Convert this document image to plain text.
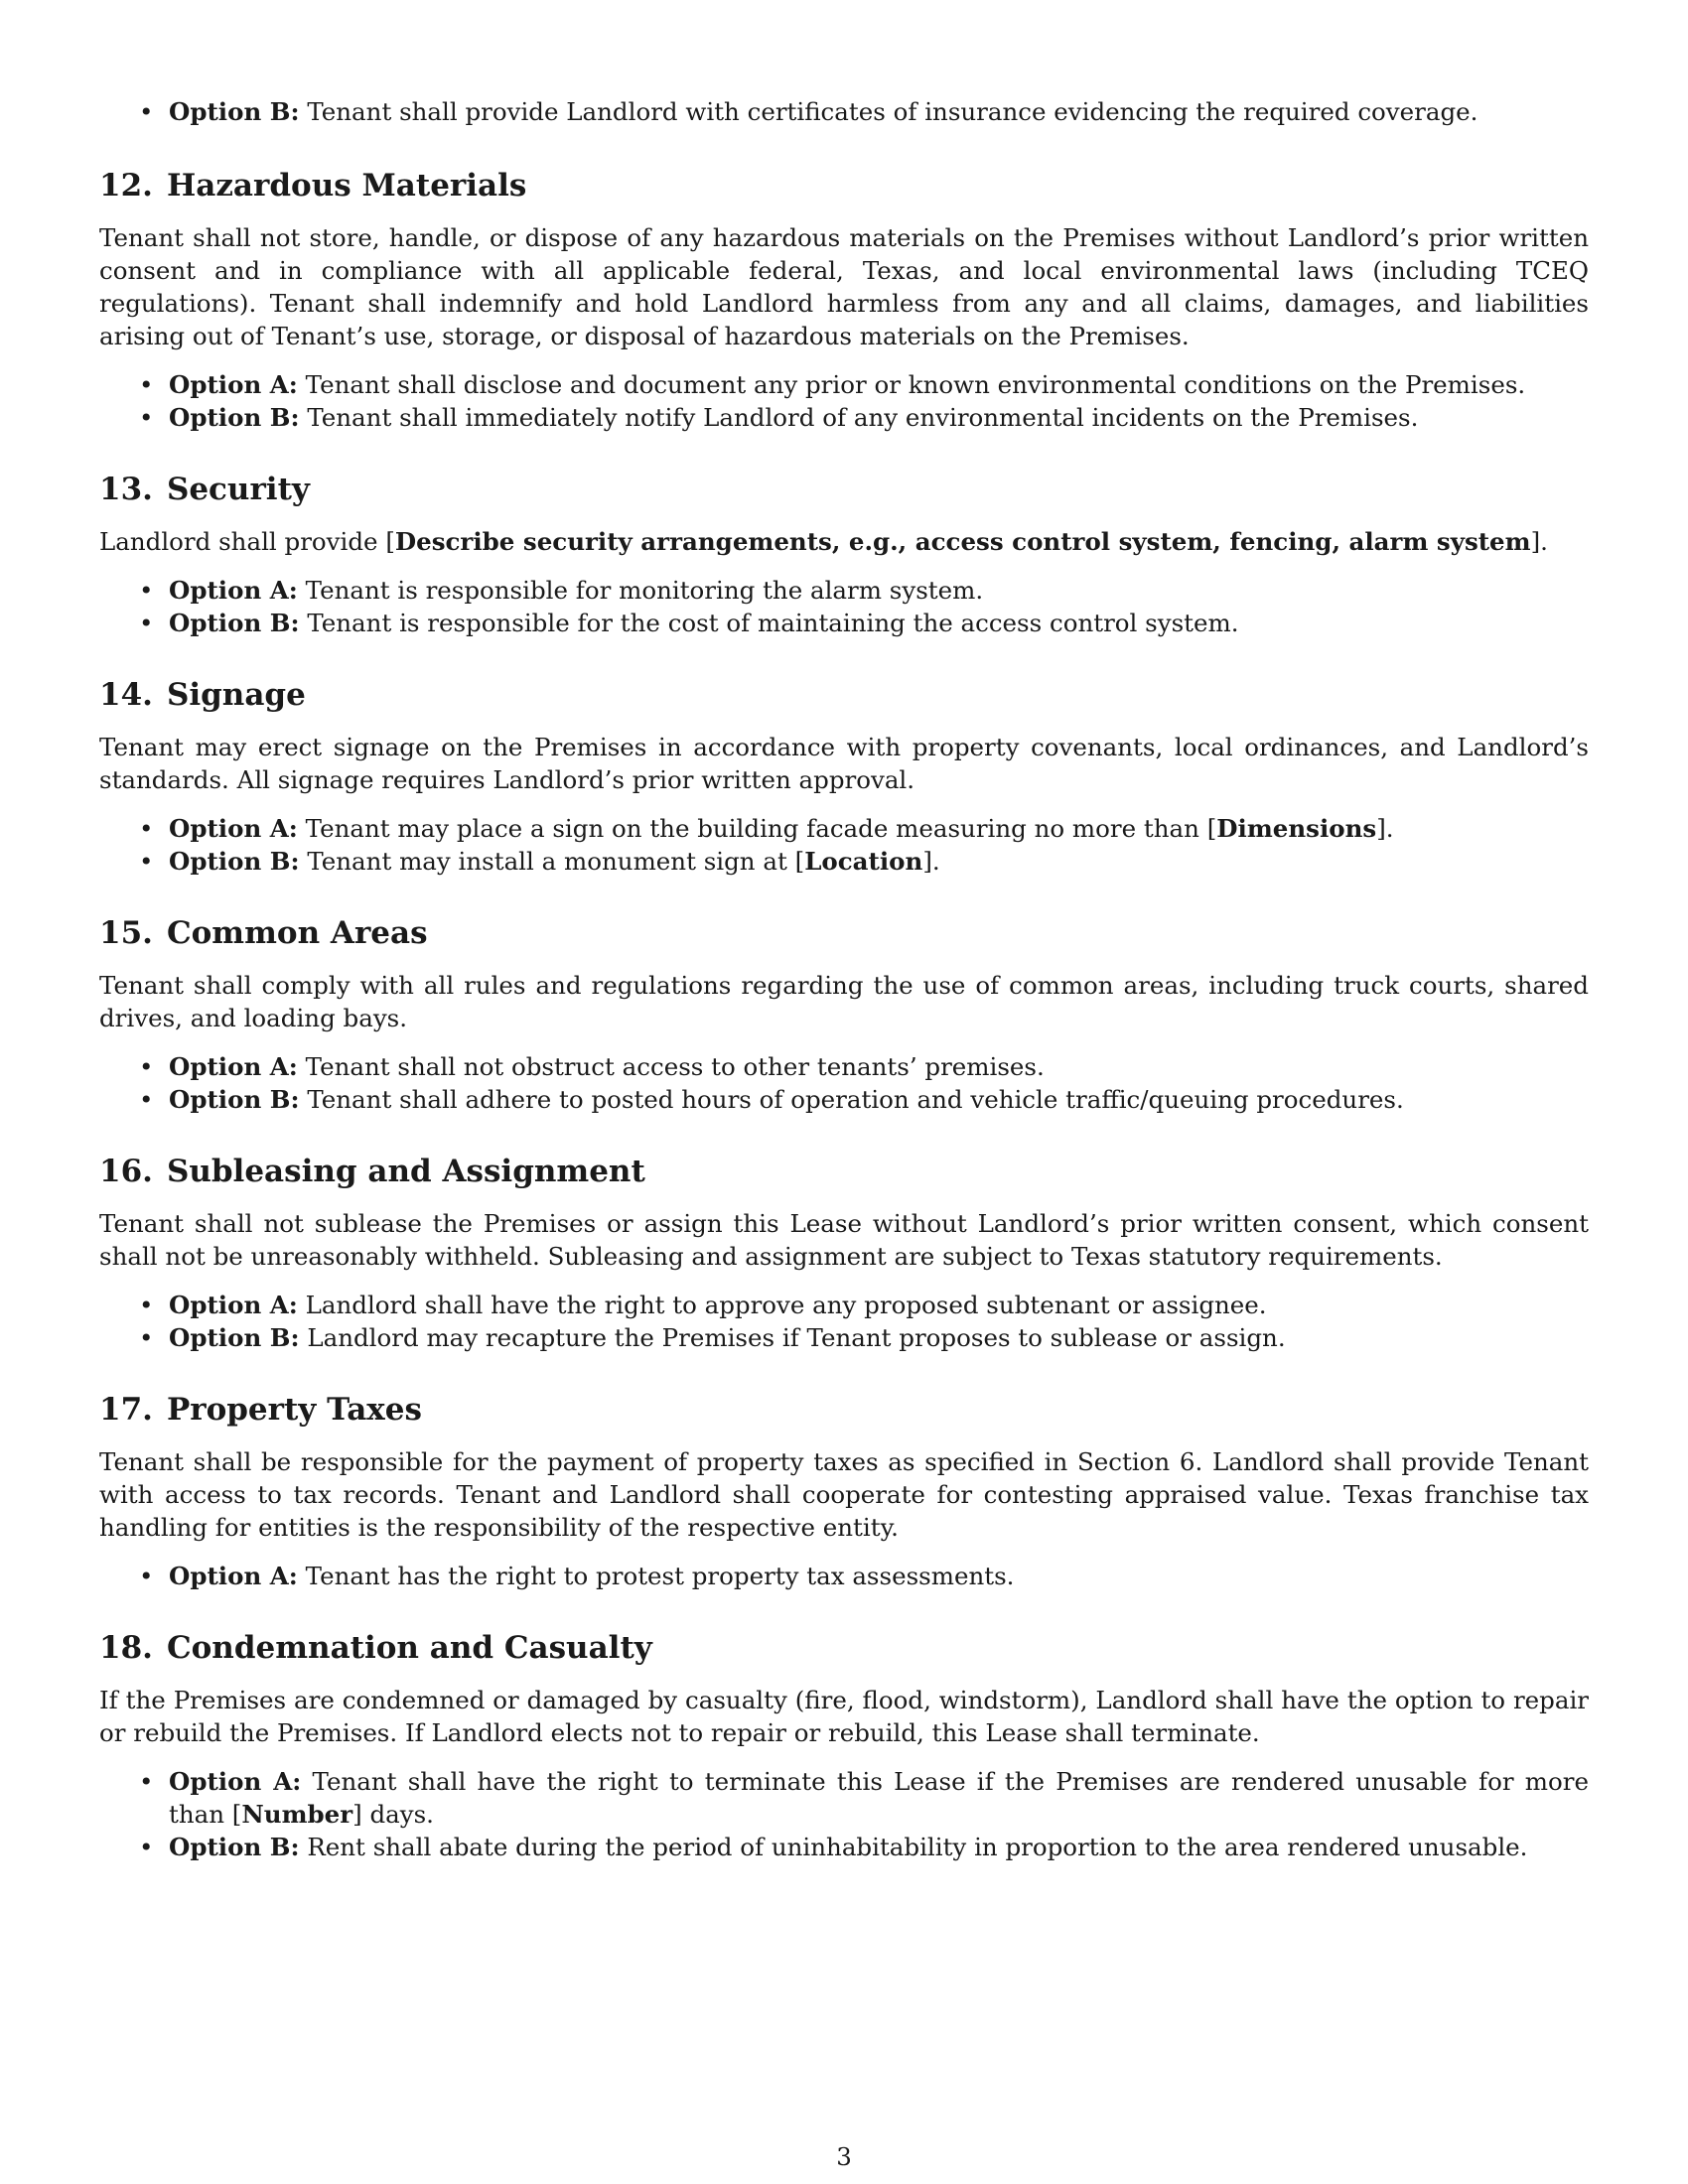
• Option B: Tenant shall provide Landlord with certificates of insurance evidencing the required coverage.
12. Hazardous Materials

Tenant shall not store, handle, or dispose of any hazardous materials on the Premises without Landlord’s prior written consent and in compliance with all applicable federal, Texas, and local environmental laws (including TCEQ regulations). Tenant shall indemnify and hold Landlord harmless from any and all claims, damages, and liabilities arising out of Tenant’s use, storage, or disposal of hazardous materials on the Premises.

• Option A: Tenant shall disclose and document any prior or known environmental conditions on the Premises.
• Option B: Tenant shall immediately notify Landlord of any environmental incidents on the Premises.
13. Security

Landlord shall provide [Describe security arrangements, e.g., access control system, fencing, alarm system].

• Option A: Tenant is responsible for monitoring the alarm system.
• Option B: Tenant is responsible for the cost of maintaining the access control system.
14. Signage

Tenant may erect signage on the Premises in accordance with property covenants, local ordinances, and Landlord’s standards. All signage requires Landlord’s prior written approval.

• Option A: Tenant may place a sign on the building facade measuring no more than [Dimensions].
• Option B: Tenant may install a monument sign at [Location].
15. Common Areas

Tenant shall comply with all rules and regulations regarding the use of common areas, including truck courts, shared drives, and loading bays.

• Option A: Tenant shall not obstruct access to other tenants’ premises.
• Option B: Tenant shall adhere to posted hours of operation and vehicle traffic/queuing procedures.
16. Subleasing and Assignment

Tenant shall not sublease the Premises or assign this Lease without Landlord’s prior written consent, which consent shall not be unreasonably withheld. Subleasing and assignment are subject to Texas statutory requirements.

• Option A: Landlord shall have the right to approve any proposed subtenant or assignee.
• Option B: Landlord may recapture the Premises if Tenant proposes to sublease or assign.
17. Property Taxes

Tenant shall be responsible for the payment of property taxes as specified in Section 6. Landlord shall provide Tenant with access to tax records. Tenant and Landlord shall cooperate for contesting appraised value. Texas franchise tax handling for entities is the responsibility of the respective entity.

• Option A: Tenant has the right to protest property tax assessments.
18. Condemnation and Casualty

If the Premises are condemned or damaged by casualty (fire, flood, windstorm), Landlord shall have the option to repair or rebuild the Premises. If Landlord elects not to repair or rebuild, this Lease shall terminate.

• Option A: Tenant shall have the right to terminate this Lease if the Premises are rendered unusable for more than [Number] days.
• Option B: Rent shall abate during the period of uninhabitability in proportion to the area rendered unusable.
3
